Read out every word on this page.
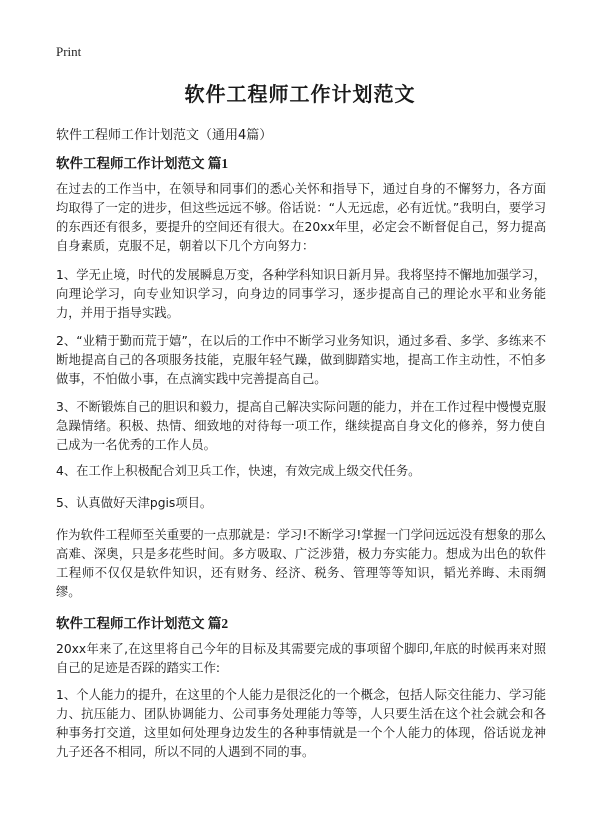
Print
软件工程师工作计划范文
软件工程师工作计划范文（通用4篇）
软件工程师工作计划范文 篇1
在过去的工作当中，在领导和同事们的悉心关怀和指导下，通过自身的不懈努力，各方面均取得了一定的进步，但这些远远不够。俗话说：“人无远虑，必有近忧。”我明白，要学习的东西还有很多，要提升的空间还有很大。在20xx年里，必定会不断督促自己，努力提高自身素质，克服不足，朝着以下几个方向努力：
1、学无止境，时代的发展瞬息万变，各种学科知识日新月异。我将坚持不懈地加强学习，向理论学习，向专业知识学习，向身边的同事学习，逐步提高自己的理论水平和业务能力，并用于指导实践。
2、“业精于勤而荒于嬉”，在以后的工作中不断学习业务知识，通过多看、多学、多练来不断地提高自己的各项服务技能，克服年轻气躁，做到脚踏实地，提高工作主动性，不怕多做事，不怕做小事，在点滴实践中完善提高自己。
3、不断锻炼自己的胆识和毅力，提高自己解决实际问题的能力，并在工作过程中慢慢克服急躁情绪。积极、热情、细致地的对待每一项工作，继续提高自身文化的修养，努力使自己成为一名优秀的工作人员。
4、在工作上积极配合刘卫兵工作，快速，有效完成上级交代任务。
5、认真做好天津pgis项目。
作为软件工程师至关重要的一点那就是：学习!不断学习!掌握一门学问远远没有想象的那么高难、深奥，只是多花些时间。多方吸取、广泛涉猎，极力夯实能力。想成为出色的软件工程师不仅仅是软件知识，还有财务、经济、税务、管理等等知识，韬光养晦、未雨绸缪。
软件工程师工作计划范文 篇2
20xx年来了,在这里将自己今年的目标及其需要完成的事项留个脚印,年底的时候再来对照自己的足迹是否踩的踏实工作:
1、个人能力的提升，在这里的个人能力是很泛化的一个概念，包括人际交往能力、学习能力、抗压能力、团队协调能力、公司事务处理能力等等，人只要生活在这个社会就会和各种事务打交道，这里如何处理身边发生的各种事情就是一个个人能力的体现，俗话说龙神九子还各不相同，所以不同的人遇到不同的事。
